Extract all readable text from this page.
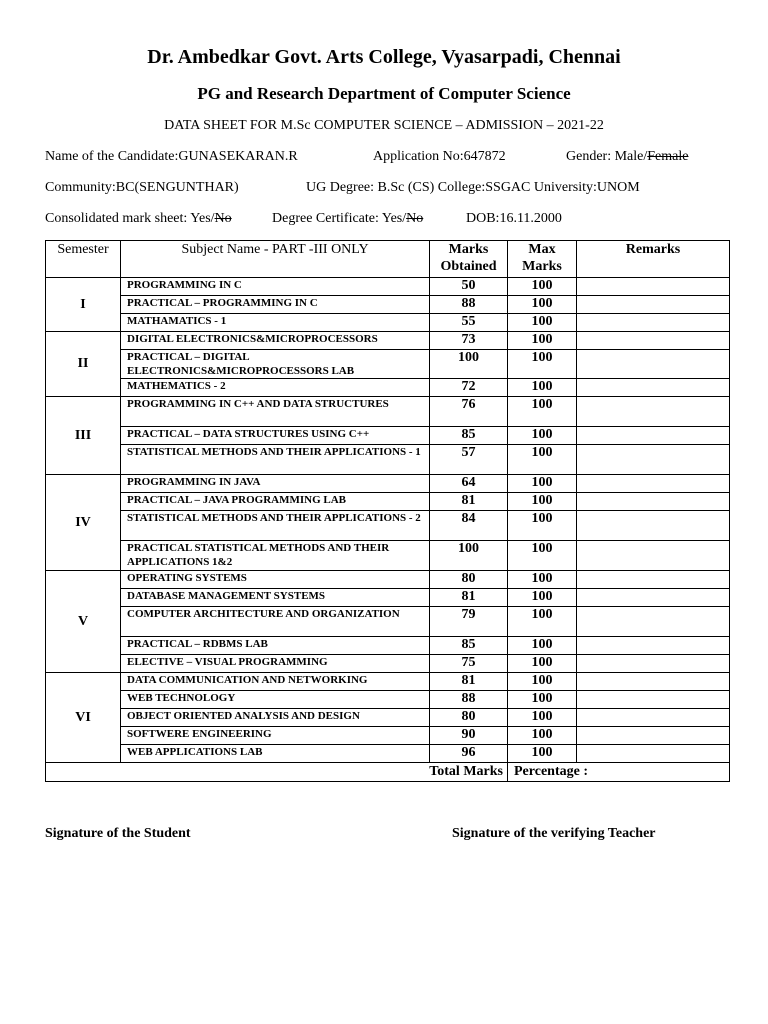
Dr. Ambedkar Govt. Arts College, Vyasarpadi, Chennai
PG and Research Department of Computer Science
DATA SHEET FOR M.Sc COMPUTER SCIENCE – ADMISSION – 2021-22
Name of the Candidate:GUNASEKARAN.R	Application No:647872	Gender: Male/Female
Community:BC(SENGUNTHAR)	UG Degree: B.Sc (CS) College:SSGAC University:UNOM
Consolidated mark sheet: Yes/No	Degree Certificate: Yes/No	DOB:16.11.2000
Semester	Subject Name - PART -III ONLY	Marks Obtained	Max Marks	Remarks
I	PROGRAMMING IN C	50	100	
	PRACTICAL – PROGRAMMING IN C	88	100	
	MATHAMATICS - 1	55	100	
II	DIGITAL ELECTRONICS&MICROPROCESSORS	73	100	
	PRACTICAL – DIGITAL ELECTRONICS&MICROPROCESSORS LAB	100	100	
	MATHEMATICS - 2	72	100	
III	PROGRAMMING IN C++ AND DATA STRUCTURES	76	100	
	PRACTICAL – DATA STRUCTURES USING C++	85	100	
	STATISTICAL METHODS AND THEIR APPLICATIONS - 1	57	100	
IV	PROGRAMMING IN JAVA	64	100	
	PRACTICAL – JAVA PROGRAMMING LAB	81	100	
	STATISTICAL METHODS AND THEIR APPLICATIONS - 2	84	100	
	PRACTICAL STATISTICAL METHODS AND THEIR APPLICATIONS 1&2	100	100	
V	OPERATING SYSTEMS	80	100	
	DATABASE MANAGEMENT SYSTEMS	81	100	
	COMPUTER ARCHITECTURE AND ORGANIZATION	79	100	
	PRACTICAL – RDBMS LAB	85	100	
	ELECTIVE – VISUAL PROGRAMMING	75	100	
VI	DATA COMMUNICATION AND NETWORKING	81	100	
	WEB TECHNOLOGY	88	100	
	OBJECT ORIENTED ANALYSIS AND DESIGN	80	100	
	SOFTWERE ENGINEERING	90	100	
	WEB APPLICATIONS LAB	96	100	
Total Marks			Percentage :	
Signature of the Student	Signature of the verifying Teacher
